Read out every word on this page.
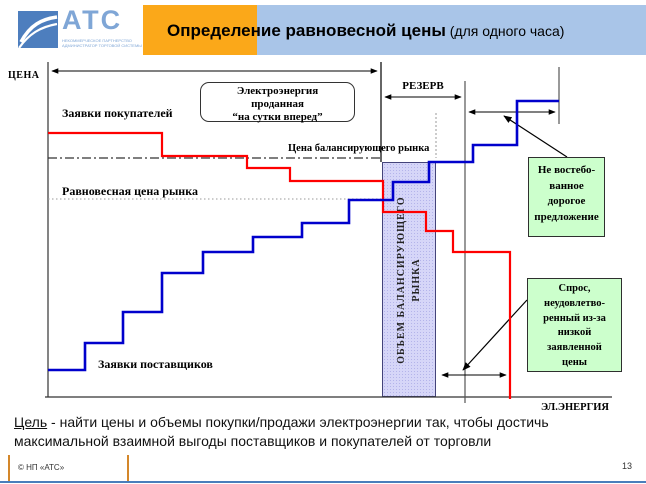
АТС
НЕКОММЕРЧЕСКОЕ ПАРТНЕРСТВО
АДМИНИСТРАТОР ТОРГОВОЙ СИСТЕМЫ
Определение равновесной цены (для одного часа)
ОБЪЕМ БАЛАНСИРУЮЩЕГО РЫНКА
ЦЕНА
Заявки покупателей
Цена балансирующего рынка
Равновесная цена рынка
Заявки поставщиков
ЭЛ.ЭНЕРГИЯ
РЕЗЕРВ
Электроэнергия
проданная
“на сутки вперед”
Не востебо-
ванное
дорогое
предложение
Спрос,
неудовлетво-
ренный из-за
низкой
заявленной
цены
Цель - найти цены и объемы покупки/продажи электроэнергии так, чтобы достичь
максимальной взаимной выгоды поставщиков и покупателей от торговли
© НП «АТС»	13
